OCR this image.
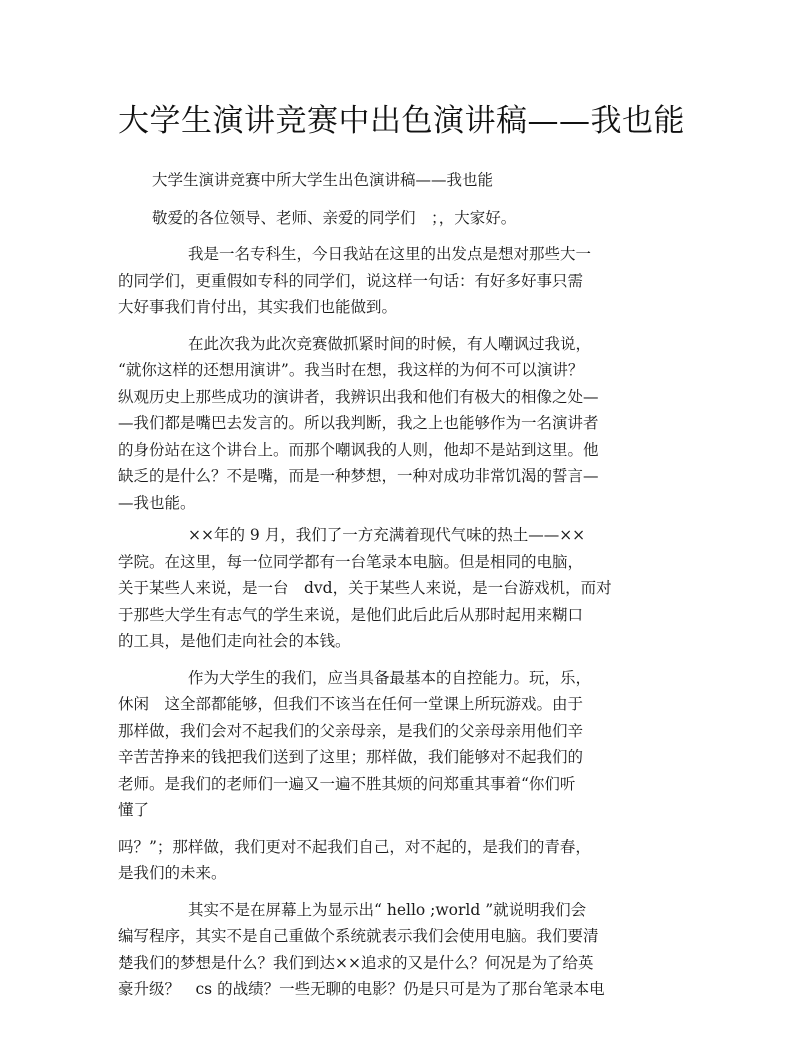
大学生演讲竞赛中出色演讲稿——我也能
大学生演讲竞赛中所大学生出色演讲稿——我也能
敬爱的各位领导、老师、亲爱的同学们　；，大家好。
我是一名专科生，今日我站在这里的出发点是想对那些大一
的同学们，更重假如专科的同学们，说这样一句话：有好多好事只需
大好事我们肯付出，其实我们也能做到。
在此次我为此次竞赛做抓紧时间的时候，有人嘲讽过我说，
“就你这样的还想用演讲”。我当时在想，我这样的为何不可以演讲？
纵观历史上那些成功的演讲者，我辨识出我和他们有极大的相像之处—
—我们都是嘴巴去发言的。所以我判断，我之上也能够作为一名演讲者
的身份站在这个讲台上。而那个嘲讽我的人则，他却不是站到这里。他
缺乏的是什么？不是嘴，而是一种梦想，一种对成功非常饥渴的誓言—
—我也能。
××年的 9 月，我们了一方充满着现代气味的热土——××
学院。在这里，每一位同学都有一台笔录本电脑。但是相同的电脑，
关于某些人来说，是一台　dvd，关于某些人来说，是一台游戏机，而对
于那些大学生有志气的学生来说，是他们此后此后从那时起用来糊口
的工具，是他们走向社会的本钱。
作为大学生的我们，应当具备最基本的自控能力。玩，乐，
休闲　这全部都能够，但我们不该当在任何一堂课上所玩游戏。由于
那样做，我们会对不起我们的父亲母亲，是我们的父亲母亲用他们辛
辛苦苦挣来的钱把我们送到了这里；那样做，我们能够对不起我们的
老师。是我们的老师们一遍又一遍不胜其烦的问郑重其事着“你们听
懂了
吗？”；那样做，我们更对不起我们自己，对不起的，是我们的青春，
是我们的未来。
其实不是在屏幕上为显示出“ hello ;world ”就说明我们会
编写程序，其实不是自己重做个系统就表示我们会使用电脑。我们要清
楚我们的梦想是什么？我们到达××追求的又是什么？何况是为了给英
豪升级？　cs 的战绩？一些无聊的电影？仍是只可是为了那台笔录本电
